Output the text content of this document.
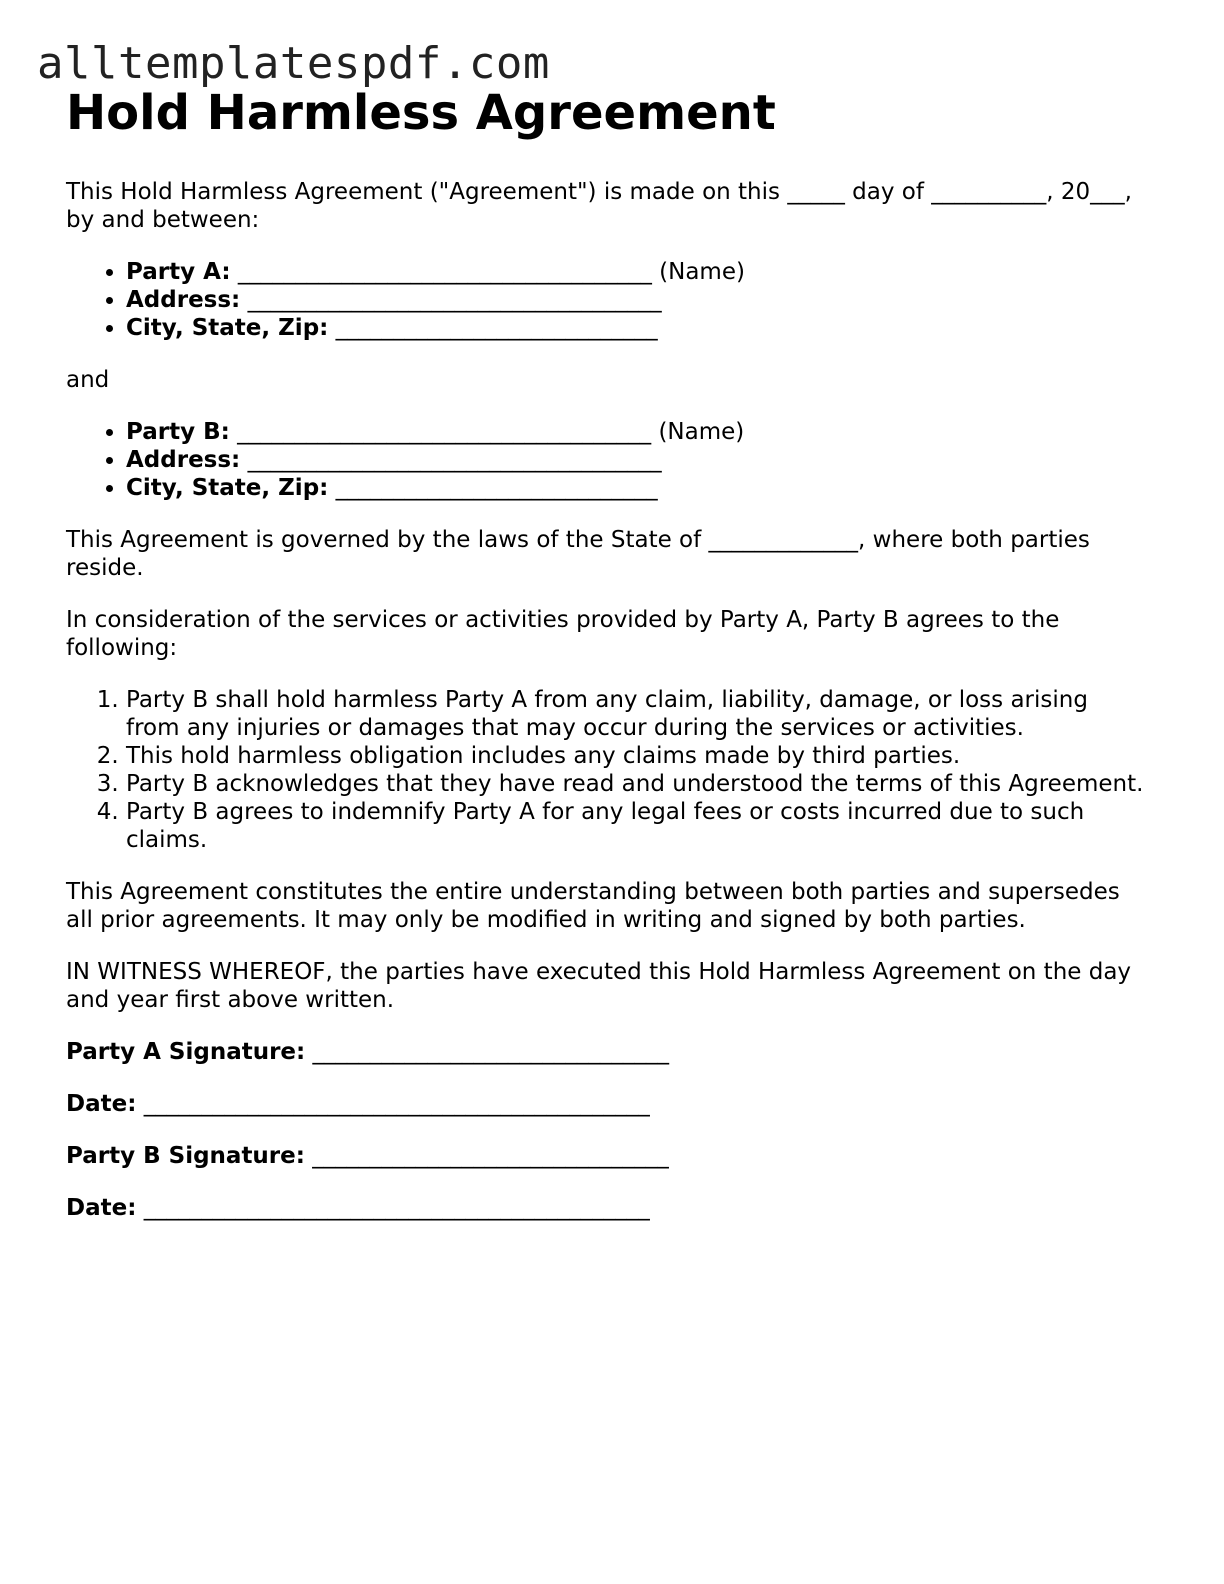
alltemplatespdf.com
Hold Harmless Agreement

This Hold Harmless Agreement ("Agreement") is made on this _____ day of __________, 20___, by and between:

• Party A: ____________________________________ (Name)
• Address: ____________________________________
• City, State, Zip: ____________________________

and

• Party B: ____________________________________ (Name)
• Address: ____________________________________
• City, State, Zip: ____________________________

This Agreement is governed by the laws of the State of _____________, where both parties reside.

In consideration of the services or activities provided by Party A, Party B agrees to the following:

1. Party B shall hold harmless Party A from any claim, liability, damage, or loss arising from any injuries or damages that may occur during the services or activities.
2. This hold harmless obligation includes any claims made by third parties.
3. Party B acknowledges that they have read and understood the terms of this Agreement.
4. Party B agrees to indemnify Party A for any legal fees or costs incurred due to such claims.

This Agreement constitutes the entire understanding between both parties and supersedes all prior agreements. It may only be modified in writing and signed by both parties.

IN WITNESS WHEREOF, the parties have executed this Hold Harmless Agreement on the day and year first above written.

Party A Signature: _______________________________
Date: ____________________________________________
Party B Signature: _______________________________
Date: ____________________________________________
